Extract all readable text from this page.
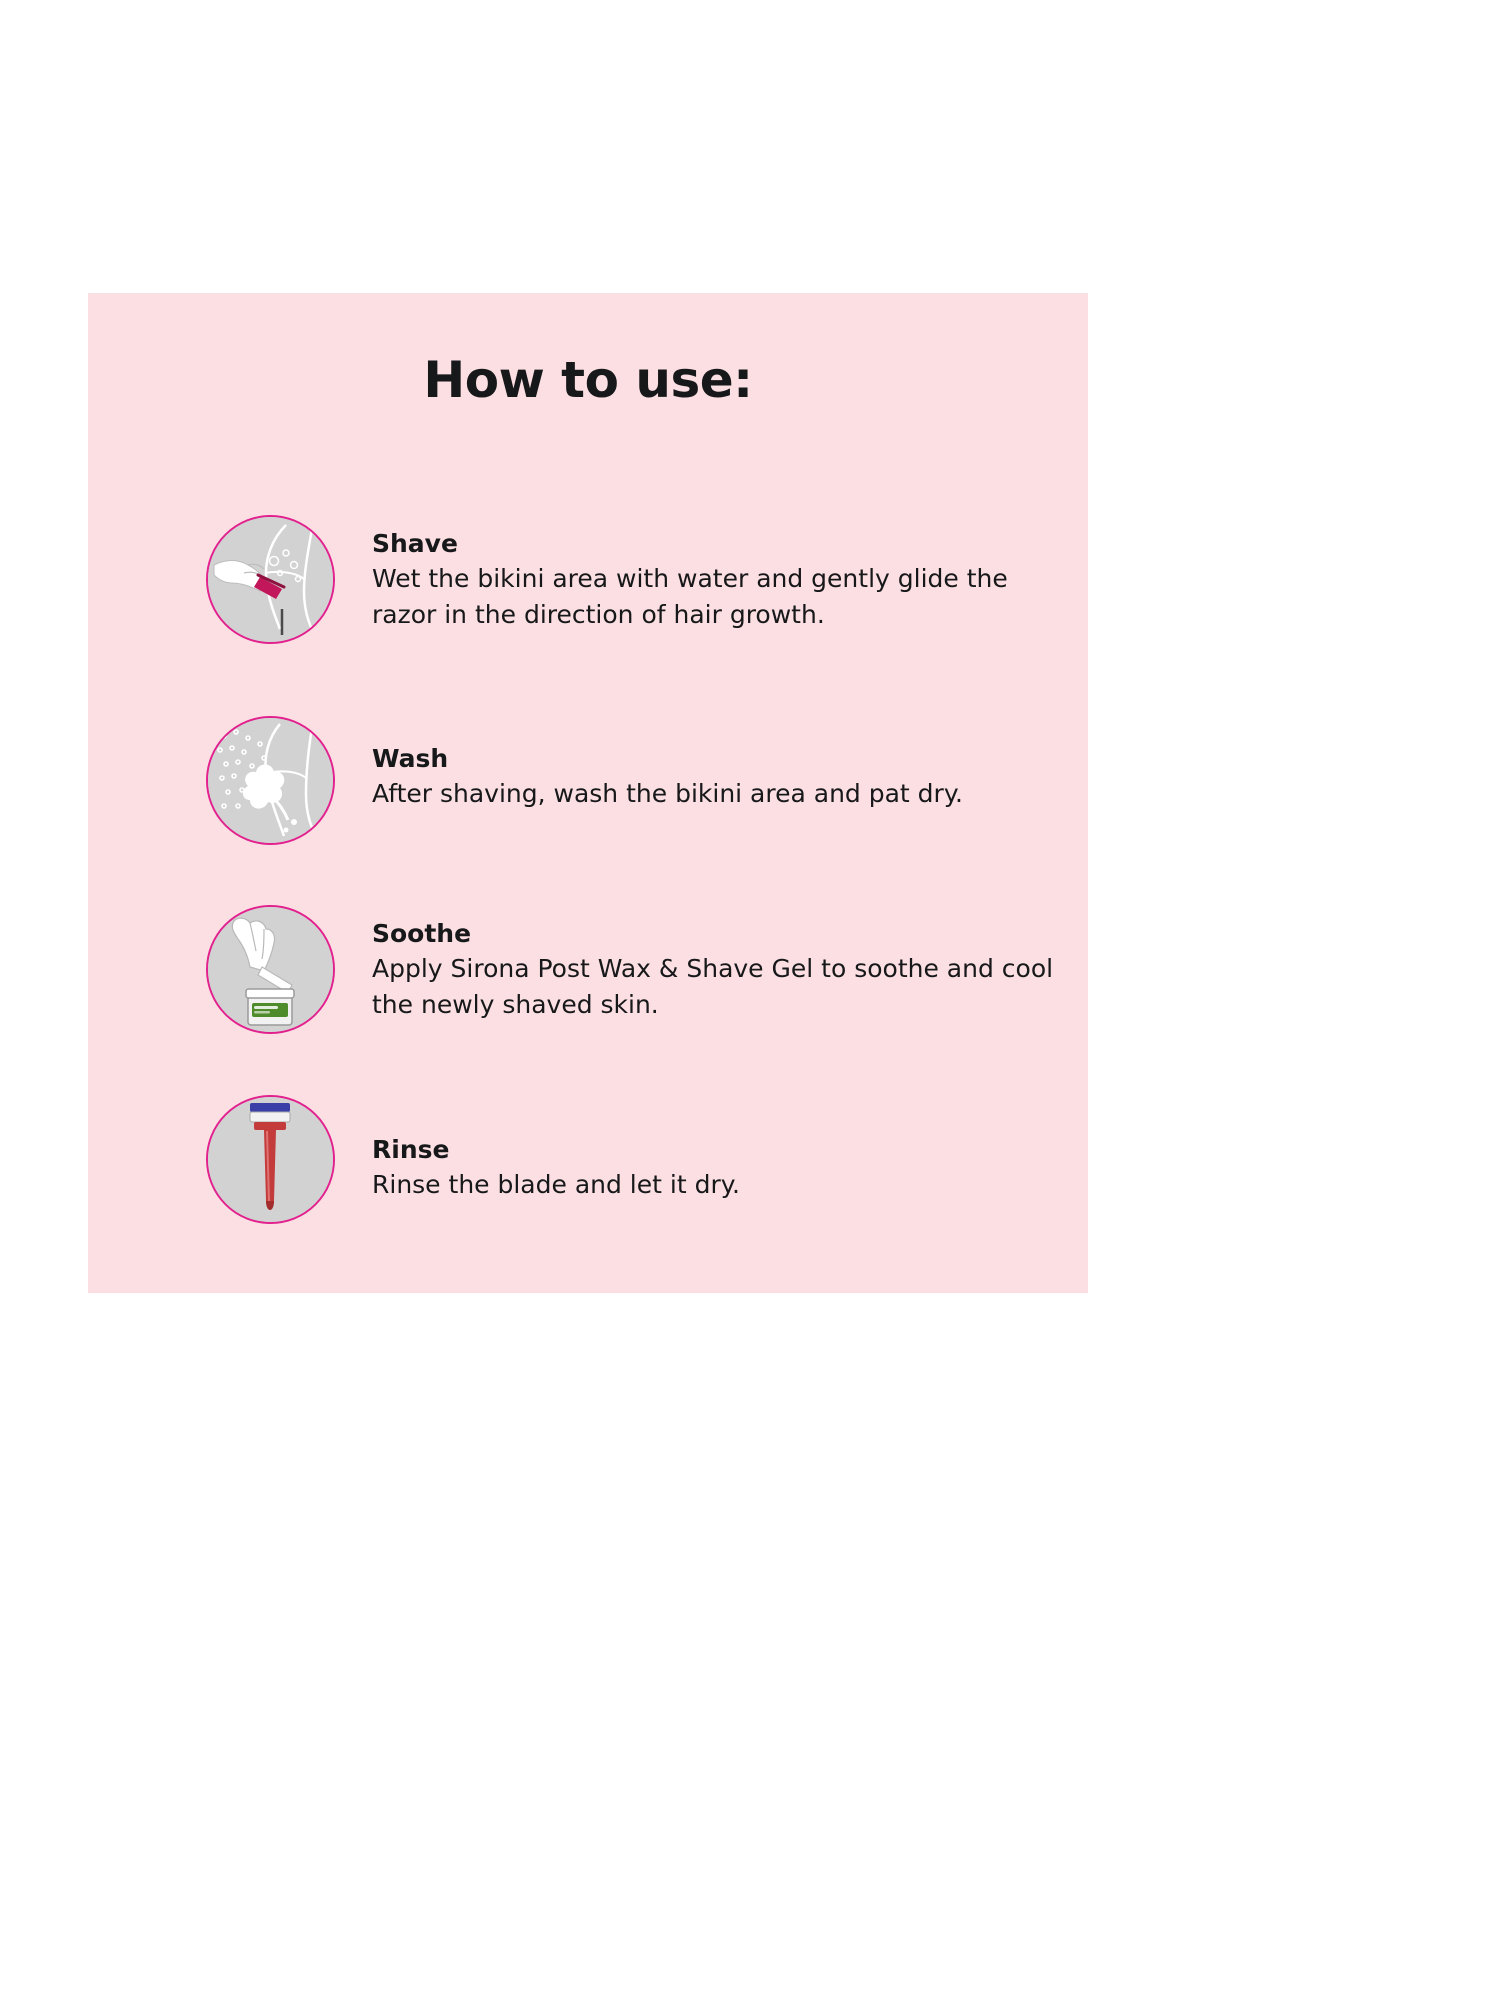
How to use:
Shave
Wet the bikini area with water and gently glide the razor in the direction of hair growth.
Wash
After shaving, wash the bikini area and pat dry.
Soothe
Apply Sirona Post Wax & Shave Gel to soothe and cool the newly shaved skin.
Rinse
Rinse the blade and let it dry.
